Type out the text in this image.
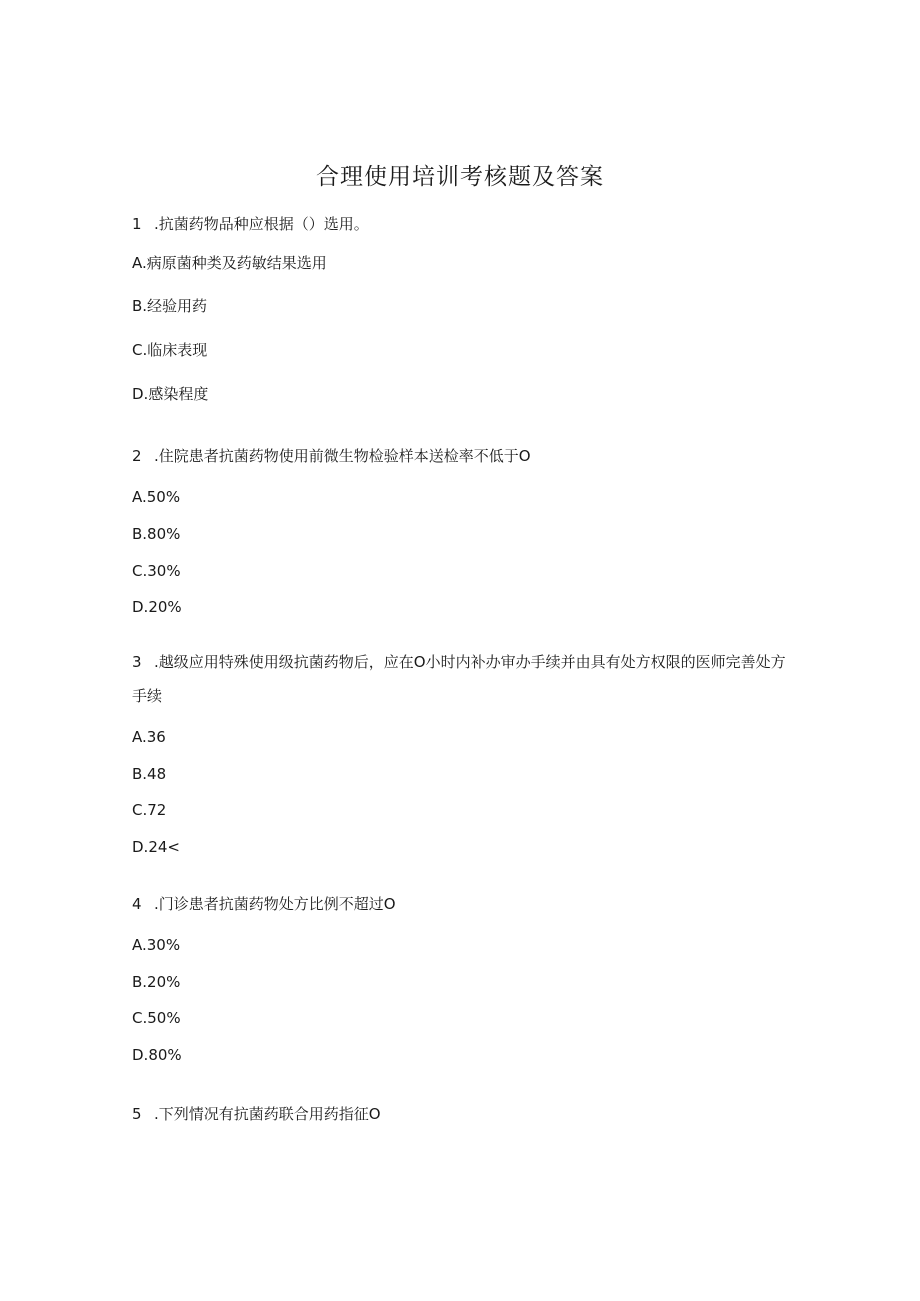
合理使用培训考核题及答案
1 .抗菌药物品种应根据（）选用。
A.病原菌种类及药敏结果选用
B.经验用药
C.临床表现
D.感染程度
2 .住院患者抗菌药物使用前微生物检验样本送检率不低于O
A.50%
B.80%
C.30%
D.20%
3 .越级应用特殊使用级抗菌药物后，应在O小时内补办审办手续并由具有处方权限的医师完善处方手续
A.36
B.48
C.72
D.24<
4 .门诊患者抗菌药物处方比例不超过O
A.30%
B.20%
C.50%
D.80%
5 .下列情况有抗菌药联合用药指征O
